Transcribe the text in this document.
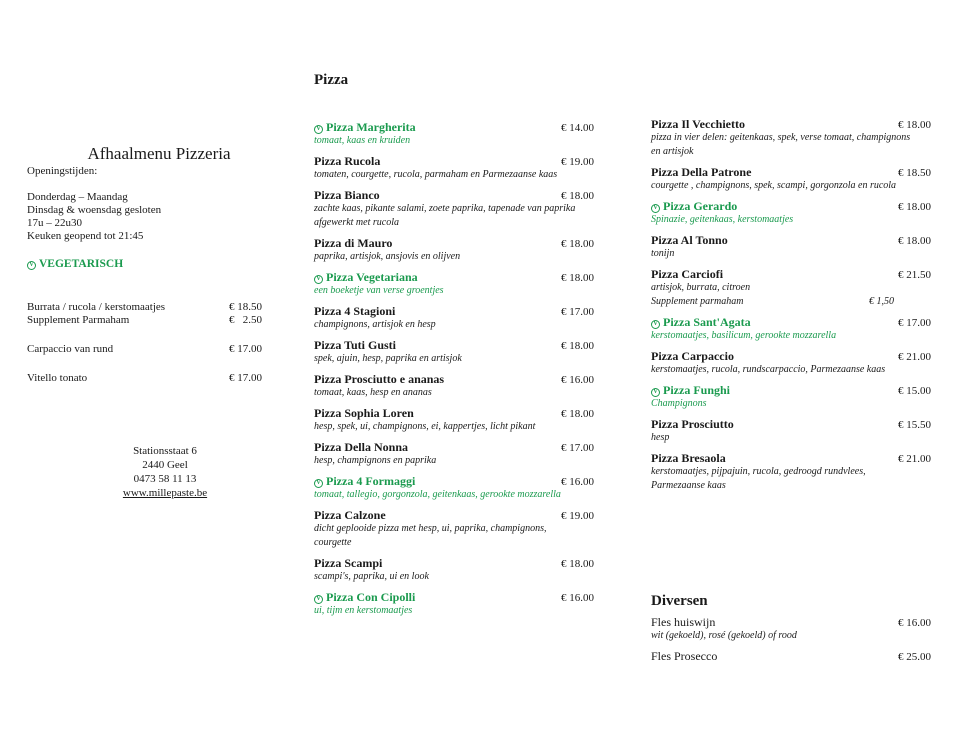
Afhaalmenu Pizzeria
Openingstijden:
Donderdag – Maandag
Dinsdag & woensdag gesloten
17u – 22u30
Keuken geopend tot 21:45
V VEGETARISCH
Burrata / rucola / kerstomaatjes	€ 18.50
Supplement Parmaham	€   2.50
Carpaccio van rund	€ 17.00
Vitello tonato	€ 17.00
Stationsstaat 6
2440 Geel
0473 58 11 13
www.millepaste.be
Pizza
V Pizza Margherita	€ 14.00
tomaat, kaas en kruiden
Pizza Rucola	€ 19.00
tomaten, courgette, rucola, parmaham en Parmezaanse kaas
Pizza Bianco	€ 18.00
zachte kaas, pikante salami, zoete paprika, tapenade van paprika afgewerkt met rucola
Pizza di Mauro	€ 18.00
paprika, artisjok, ansjovis en olijven
V Pizza Vegetariana	€ 18.00
een boeketje van verse groentjes
Pizza 4 Stagioni	€ 17.00
champignons, artisjok en hesp
Pizza Tuti Gusti	€ 18.00
spek, ajuin, hesp, paprika en artisjok
Pizza Prosciutto e ananas	€ 16.00
tomaat, kaas, hesp en ananas
Pizza Sophia Loren	€ 18.00
hesp, spek, ui, champignons, ei, kappertjes, licht pikant
Pizza Della Nonna	€ 17.00
hesp, champignons en paprika
V Pizza 4 Formaggi	€ 16.00
tomaat, tallegio, gorgonzola, geitenkaas, gerookte mozzarella
Pizza Calzone	€ 19.00
dicht geplooide pizza met hesp, ui, paprika, champignons, courgette
Pizza Scampi	€ 18.00
scampi's, paprika, ui en look
V Pizza Con Cipolli	€ 16.00
ui, tijm en kerstomaatjes
Pizza Il Vecchietto	€ 18.00
pizza in vier delen: geitenkaas, spek, verse tomaat, champignons en artisjok
Pizza Della Patrone	€ 18.50
courgette , champignons, spek, scampi, gorgonzola en rucola
V Pizza Gerardo	€ 18.00
Spinazie, geitenkaas, kerstomaatjes
Pizza Al Tonno	€ 18.00
tonijn
Pizza Carciofi	€ 21.50
artisjok, burrata, citroen
Supplement parmaham	€ 1,50
V Pizza Sant'Agata	€ 17.00
kerstomaatjes, basilicum, gerookte mozzarella
Pizza Carpaccio	€ 21.00
kerstomaatjes, rucola, rundscarpaccio, Parmezaanse kaas
V Pizza Funghi	€ 15.00
Champignons
Pizza Prosciutto	€ 15.50
hesp
Pizza Bresaola	€ 21.00
kerstomaatjes, pijpajuin, rucola, gedroogd rundvlees, Parmezaanse kaas
Diversen
Fles huiswijn	€ 16.00
wit (gekoeld), rosé (gekoeld) of rood
Fles Prosecco	€ 25.00
